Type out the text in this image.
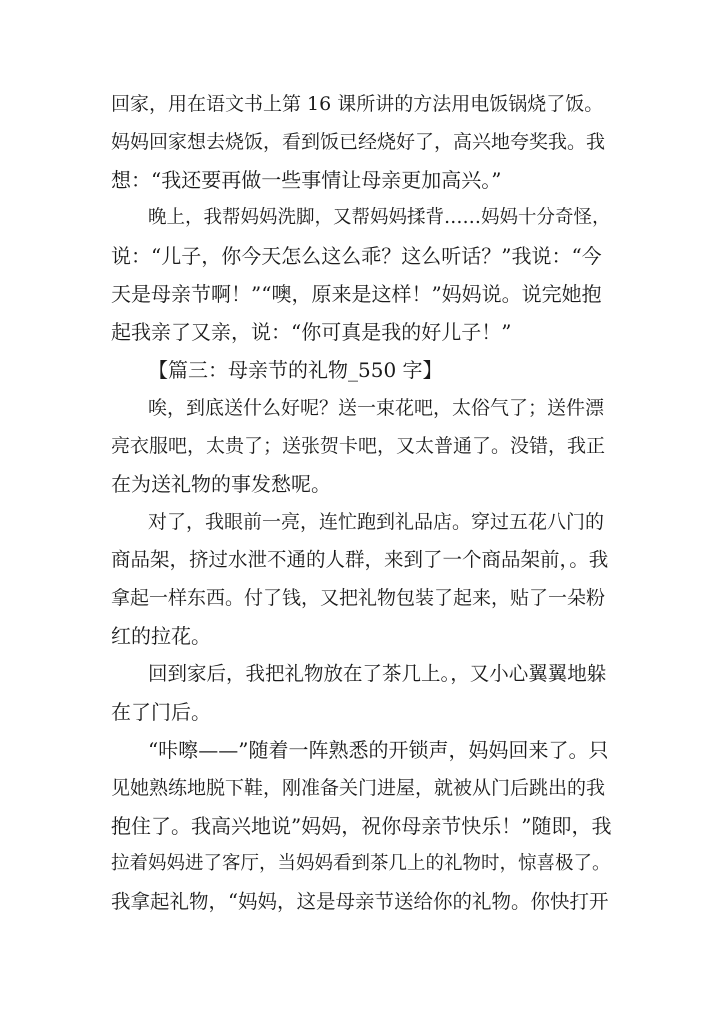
回家，用在语文书上第 16 课所讲的方法用电饭锅烧了饭。
妈妈回家想去烧饭，看到饭已经烧好了，高兴地夸奖我。我
想：“我还要再做一些事情让母亲更加高兴。”
晚上，我帮妈妈洗脚，又帮妈妈揉背……妈妈十分奇怪，
说：“儿子，你今天怎么这么乖？这么听话？”我说：“今
天是母亲节啊！”“噢，原来是这样！”妈妈说。说完她抱
起我亲了又亲，说：“你可真是我的好儿子！”
【篇三：母亲节的礼物_550 字】
唉，到底送什么好呢？送一束花吧，太俗气了；送件漂
亮衣服吧，太贵了；送张贺卡吧，又太普通了。没错，我正
在为送礼物的事发愁呢。
对了，我眼前一亮，连忙跑到礼品店。穿过五花八门的
商品架，挤过水泄不通的人群，来到了一个商品架前，。我
拿起一样东西。付了钱，又把礼物包装了起来，贴了一朵粉
红的拉花。
回到家后，我把礼物放在了茶几上。，又小心翼翼地躲
在了门后。
“咔嚓——”随着一阵熟悉的开锁声，妈妈回来了。只
见她熟练地脱下鞋，刚准备关门进屋，就被从门后跳出的我
抱住了。我高兴地说”妈妈，祝你母亲节快乐！”随即，我
拉着妈妈进了客厅，当妈妈看到茶几上的礼物时，惊喜极了。
我拿起礼物，“妈妈，这是母亲节送给你的礼物。你快打开
